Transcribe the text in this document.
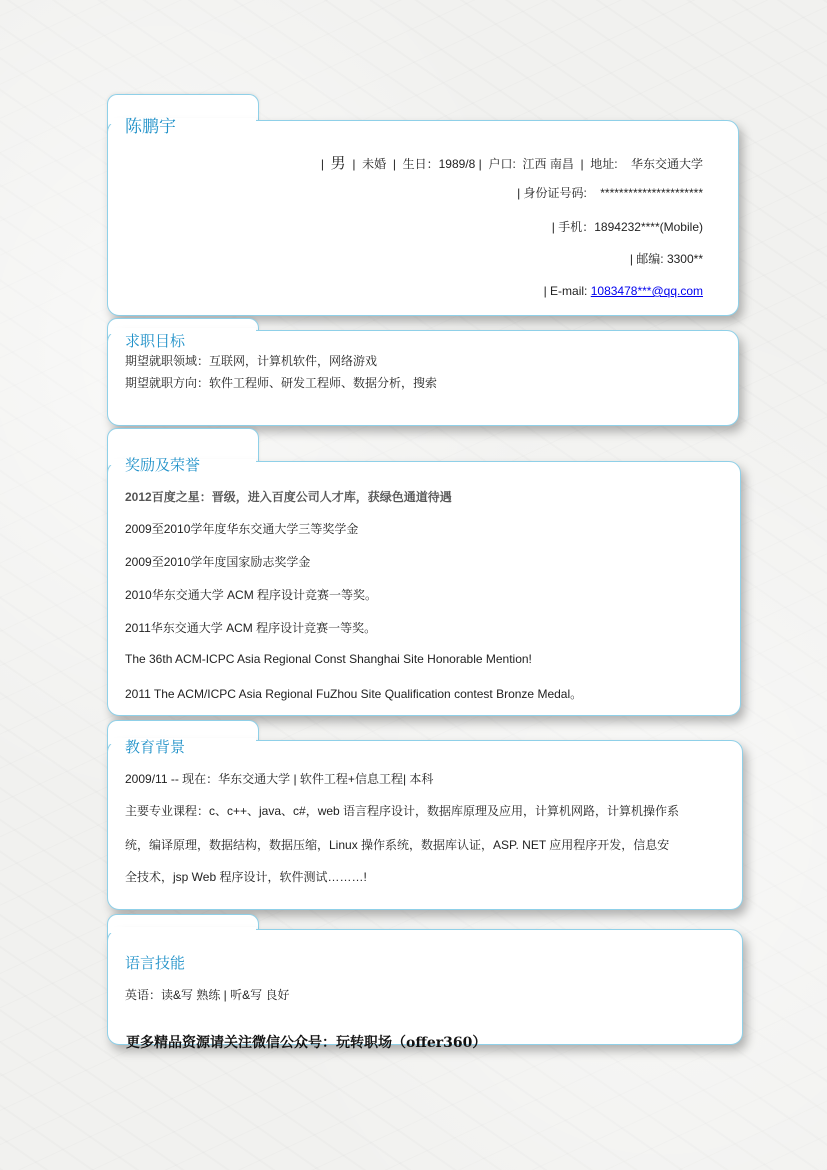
陈鹏宇
| 男 | 未婚 | 生日：1989/8 | 户口: 江西 南昌 | 地址: 华东交通大学
| 身份证号码: **********************
| 手机：1894232****(Mobile)
| 邮编: 3300**
| E-mail: 1083478***@qq.com
求职目标
期望就职领域：互联网，计算机软件，网络游戏
期望就职方向：软件工程师、研发工程师、数据分析，搜索
奖励及荣誉
2012百度之星：晋级，进入百度公司人才库，获绿色通道待遇
2009至2010学年度华东交通大学三等奖学金
2009至2010学年度国家励志奖学金
2010华东交通大学 ACM 程序设计竞赛一等奖。
2011华东交通大学 ACM 程序设计竞赛一等奖。
The 36th ACM-ICPC Asia Regional Const Shanghai Site Honorable Mention!
2011 The ACM/ICPC Asia Regional FuZhou Site Qualification contest Bronze Medal。
教育背景
2009/11 -- 现在：华东交通大学 | 软件工程+信息工程| 本科
主要专业课程：c、c++、java、c#，web 语言程序设计，数据库原理及应用，计算机网路，计算机操作系
统，编译原理，数据结构，数据压缩，Linux 操作系统，数据库认证，ASP. NET 应用程序开发，信息安
全技术，jsp Web 程序设计，软件测试………!
语言技能
英语：读&写 熟练 | 听&写 良好
更多精品资源请关注微信公众号：玩转职场（offer360）
